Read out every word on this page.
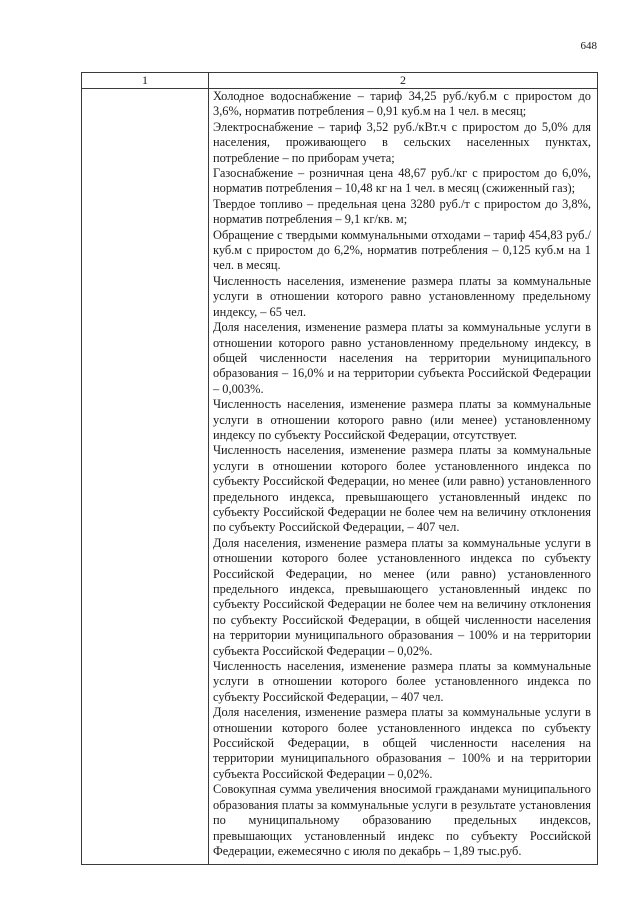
648
1	2

Холодное водоснабжение – тариф 34,25 руб./куб.м с приростом до 3,6%, норматив потребления – 0,91 куб.м на 1 чел. в месяц;

Электроснабжение – тариф 3,52 руб./кВт.ч с приростом до 5,0% для населения, проживающего в сельских населенных пунктах, потребление – по приборам учета;

Газоснабжение – розничная цена 48,67 руб./кг с приростом до 6,0%, норматив потребления – 10,48 кг на 1 чел. в месяц (сжиженный газ);

Твердое топливо – предельная цена 3280 руб./т с приростом до 3,8%, норматив потребления – 9,1 кг/кв. м;

Обращение с твердыми коммунальными отходами – тариф 454,83 руб./куб.м с приростом до 6,2%, норматив потребления – 0,125 куб.м на 1 чел. в месяц.

Численность населения, изменение размера платы за коммунальные услуги в отношении которого равно установленному предельному индексу, – 65 чел.

Доля населения, изменение размера платы за коммунальные услуги в отношении которого равно установленному предельному индексу, в общей численности населения на территории муниципального образования – 16,0% и на территории субъекта Российской Федерации – 0,003%.

Численность населения, изменение размера платы за коммунальные услуги в отношении которого равно (или менее) установленному индексу по субъекту Российской Федерации, отсутствует.

Численность населения, изменение размера платы за коммунальные услуги в отношении которого более установленного индекса по субъекту Российской Федерации, но менее (или равно) установленного предельного индекса, превышающего установленный индекс по субъекту Российской Федерации не более чем на величину отклонения по субъекту Российской Федерации, – 407 чел.

Доля населения, изменение размера платы за коммунальные услуги в отношении которого более установленного индекса по субъекту Российской Федерации, но менее (или равно) установленного предельного индекса, превышающего установленный индекс по субъекту Российской Федерации не более чем на величину отклонения по субъекту Российской Федерации, в общей численности населения на территории муниципального образования – 100% и на территории субъекта Российской Федерации – 0,02%.

Численность населения, изменение размера платы за коммунальные услуги в отношении которого более установленного индекса по субъекту Российской Федерации, – 407 чел.

Доля населения, изменение размера платы за коммунальные услуги в отношении которого более установленного индекса по субъекту Российской Федерации, в общей численности населения на территории муниципального образования – 100% и на территории субъекта Российской Федерации – 0,02%.

Совокупная сумма увеличения вносимой гражданами муниципального образования платы за коммунальные услуги в результате установления по муниципальному образованию предельных индексов, превышающих установленный индекс по субъекту Российской Федерации, ежемесячно с июля по декабрь – 1,89 тыс.руб.
